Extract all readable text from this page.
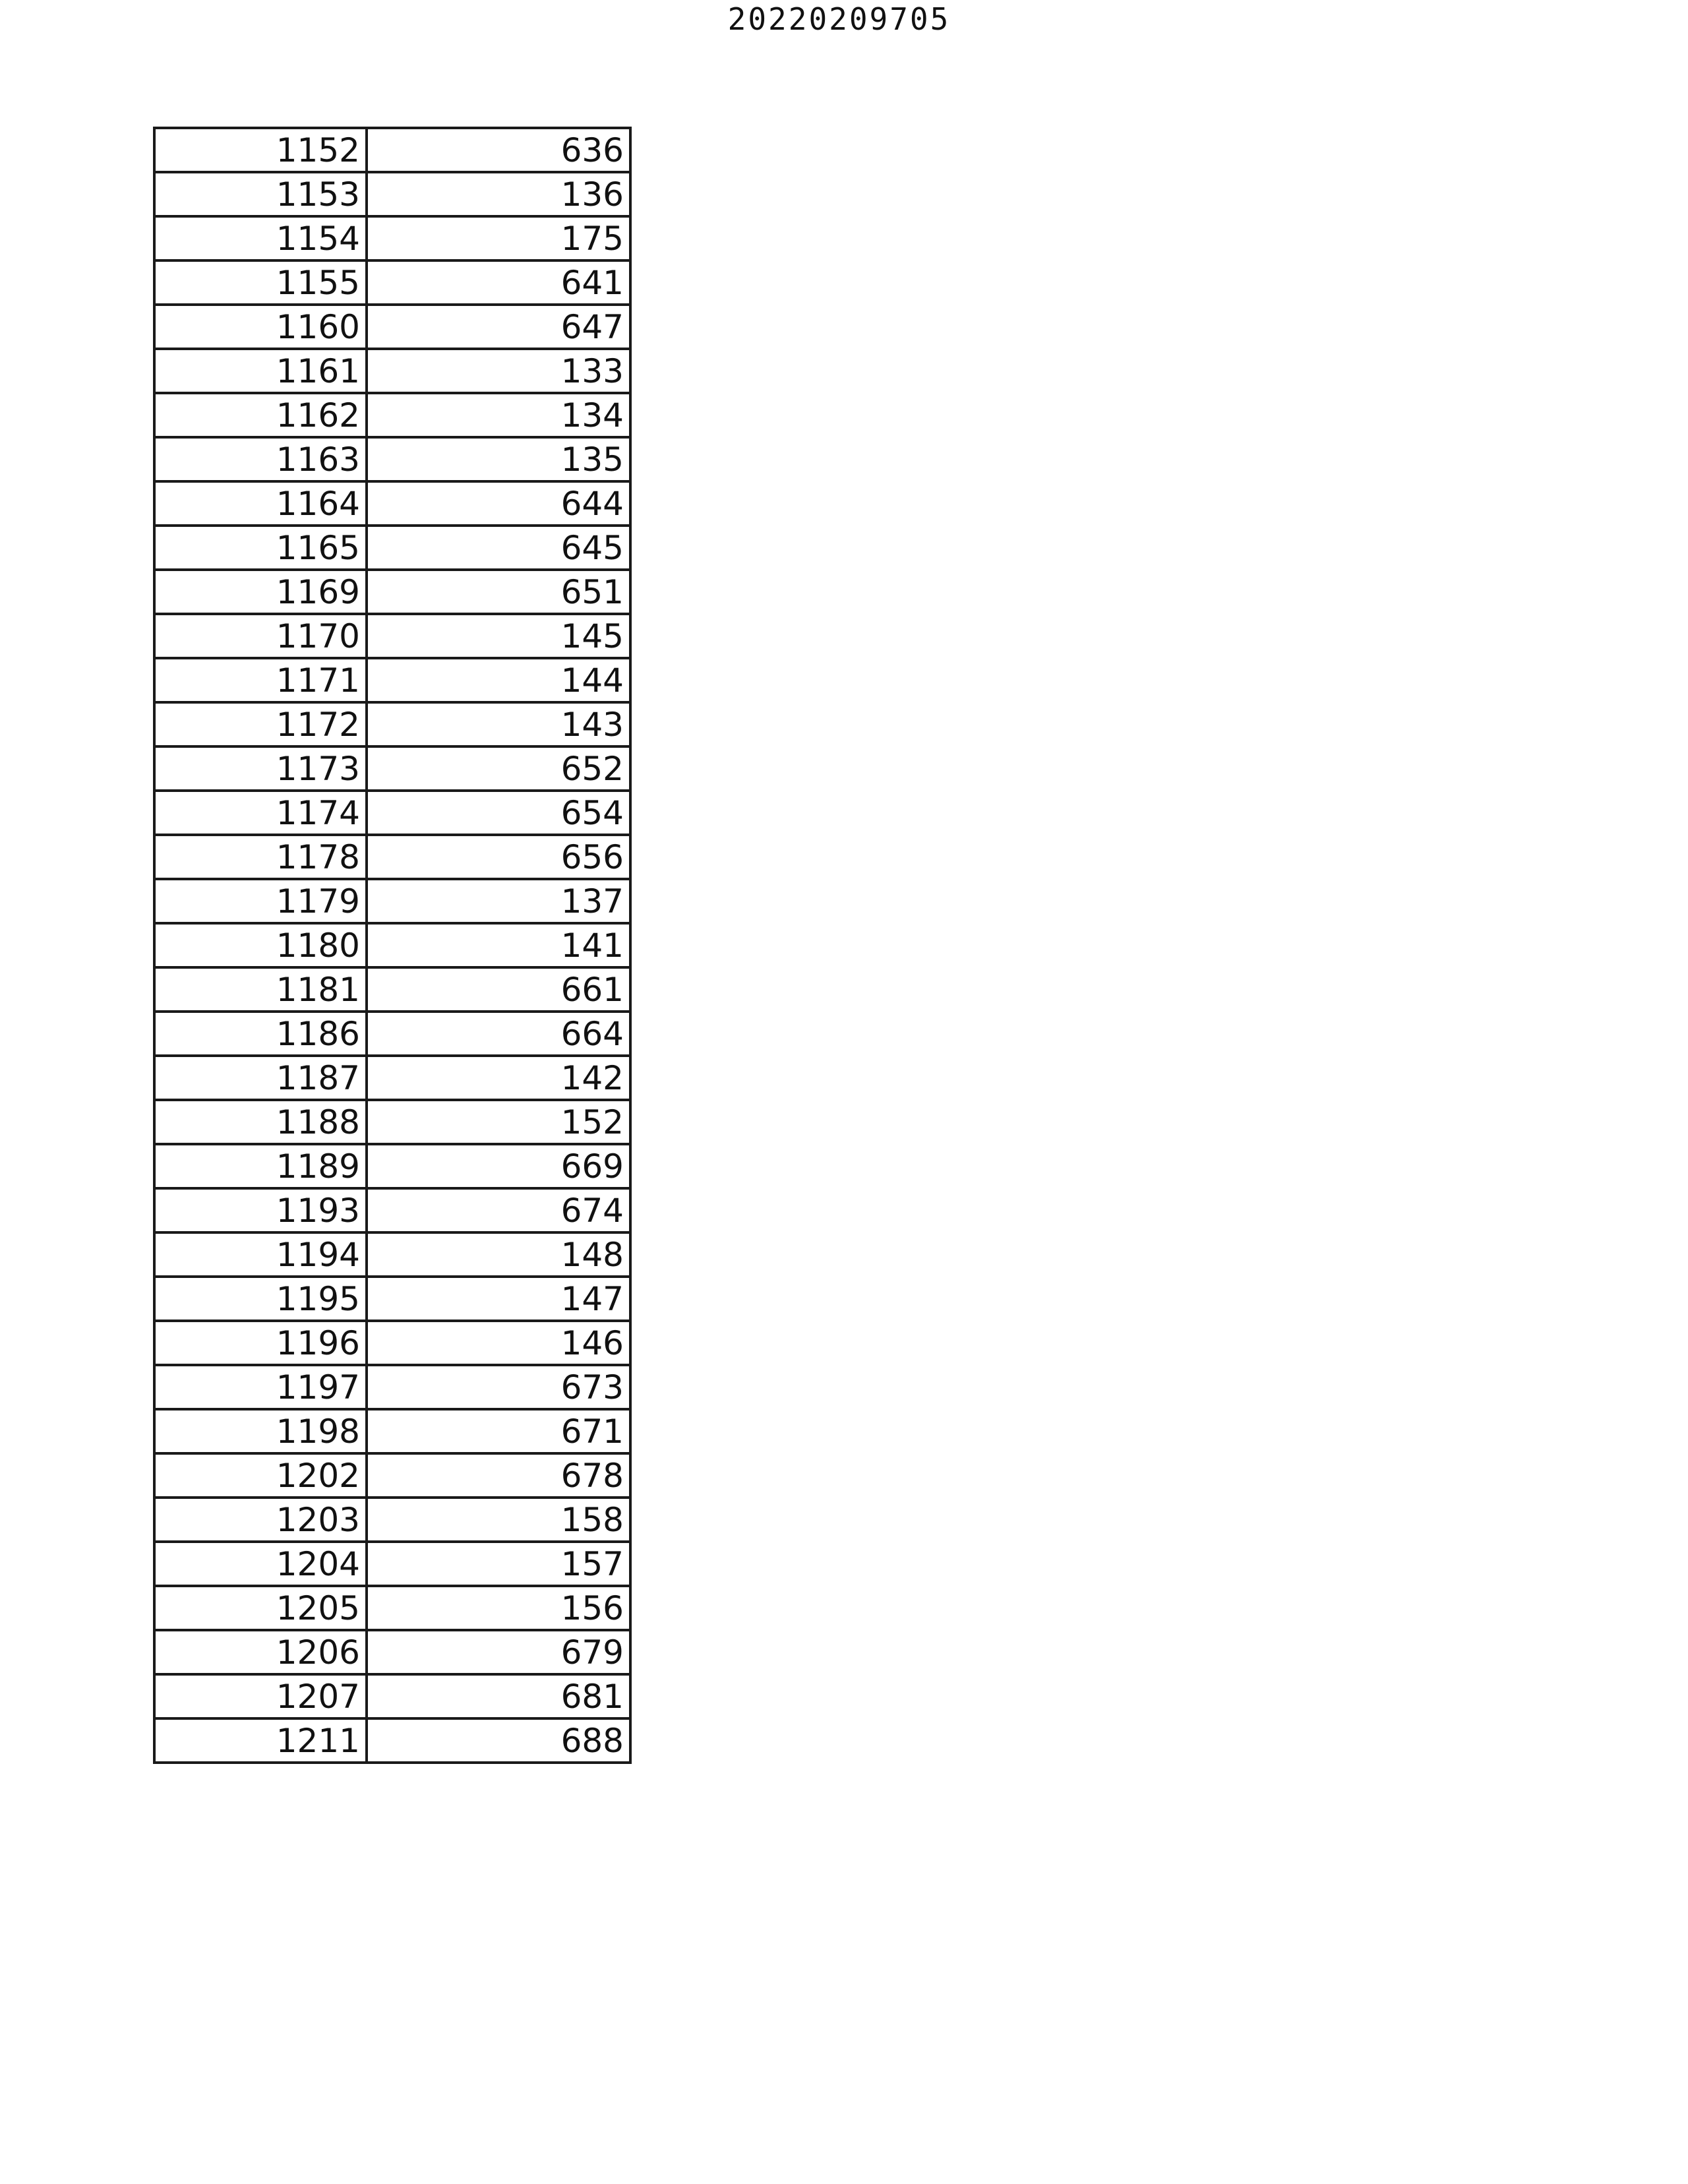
20220209705
1152	636
1153	136
1154	175
1155	641
1160	647
1161	133
1162	134
1163	135
1164	644
1165	645
1169	651
1170	145
1171	144
1172	143
1173	652
1174	654
1178	656
1179	137
1180	141
1181	661
1186	664
1187	142
1188	152
1189	669
1193	674
1194	148
1195	147
1196	146
1197	673
1198	671
1202	678
1203	158
1204	157
1205	156
1206	679
1207	681
1211	688
